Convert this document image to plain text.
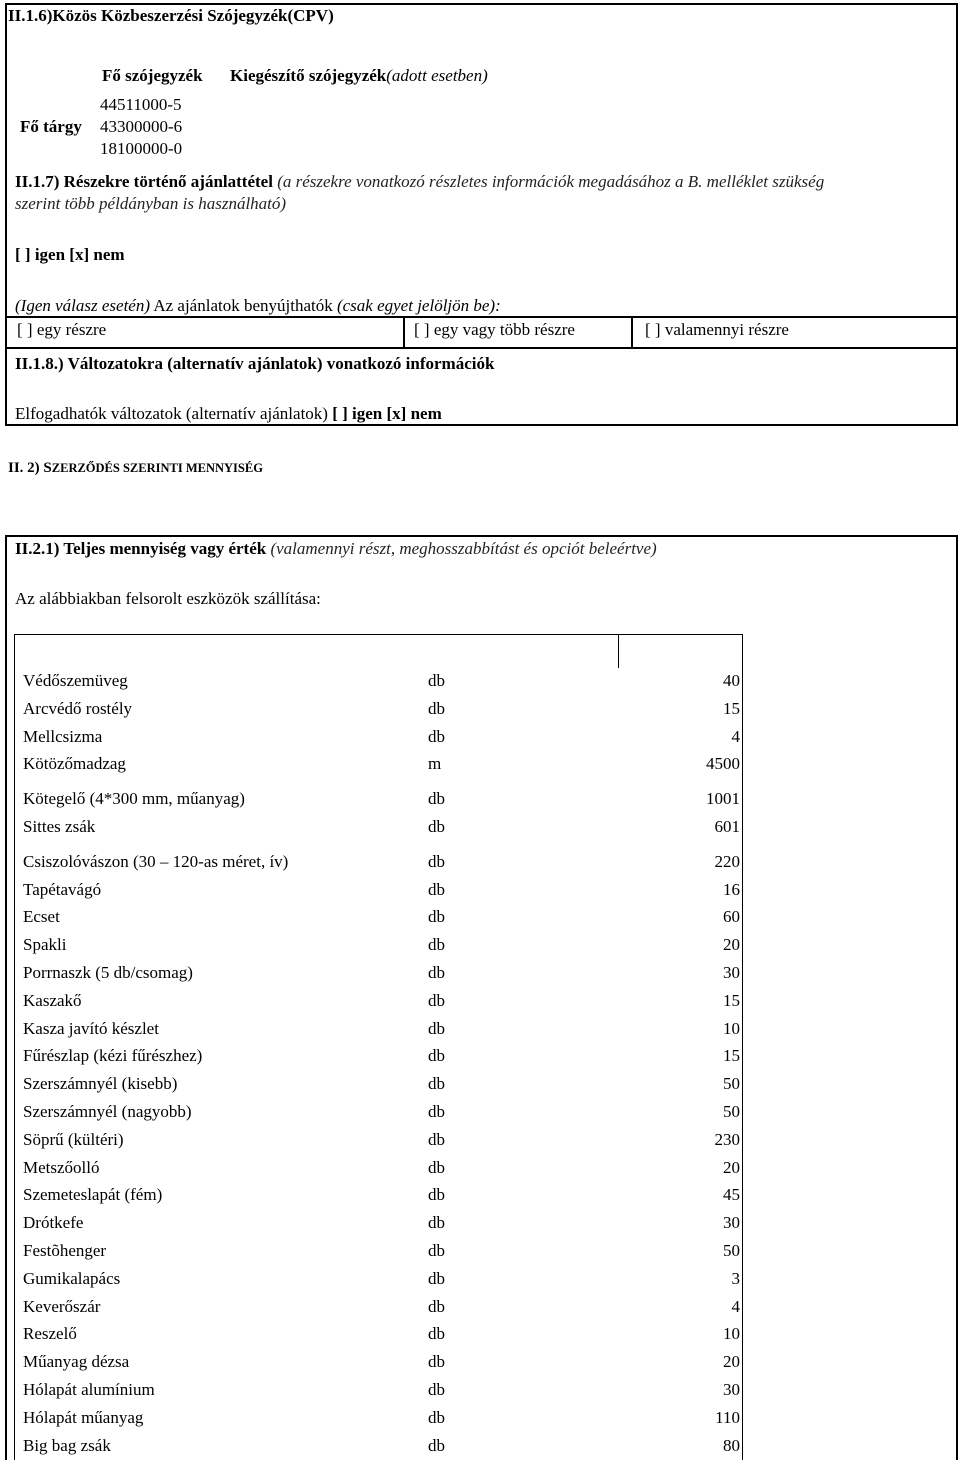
II.1.6)Közös Közbeszerzési Szójegyzék(CPV)
Fő szójegyzék Kiegészítő szójegyzék(adott esetben)
44511000-5
Fő tárgy 43300000-6
18100000-0
II.1.7) Részekre történő ajánlattétel (a részekre vonatkozó részletes információk megadásához a B. melléklet szükség
szerint több példányban is használható)
[ ] igen [x] nem
(Igen válasz esetén) Az ajánlatok benyújthatók (csak egyet jelöljön be):
[ ] egy részre	[ ] egy vagy több részre	[ ] valamennyi részre
II.1.8.) Változatokra (alternatív ajánlatok) vonatkozó információk
Elfogadhatók változatok (alternatív ajánlatok) [ ] igen [x] nem
II. 2) SZERZŐDÉS SZERINTI MENNYISÉG
II.2.1) Teljes mennyiség vagy érték (valamennyi részt, meghosszabbítást és opciót beleértve)
Az alábbiakban felsorolt eszközök szállítása:
Védőszemüveg	db	40
Arcvédő rostély	db	15
Mellcsizma	db	4
Kötözőmadzag	m	4500
Kötegelő (4*300 mm, műanyag)	db	1001
Sittes zsák	db	601
Csiszolóvászon (30 – 120-as méret, ív)	db	220
Tapétavágó	db	16
Ecset	db	60
Spakli	db	20
Porrnaszk (5 db/csomag)	db	30
Kaszakő	db	15
Kasza javító készlet	db	10
Fűrészlap (kézi fűrészhez)	db	15
Szerszámnyél (kisebb)	db	50
Szerszámnyél (nagyobb)	db	50
Söprű (kültéri)	db	230
Metszőolló	db	20
Szemeteslapát (fém)	db	45
Drótkefe	db	30
Festõhenger	db	50
Gumikalapács	db	3
Keverőszár	db	4
Reszelő	db	10
Műanyag dézsa	db	20
Hólapát alumínium	db	30
Hólapát műanyag	db	110
Big bag zsák	db	80
